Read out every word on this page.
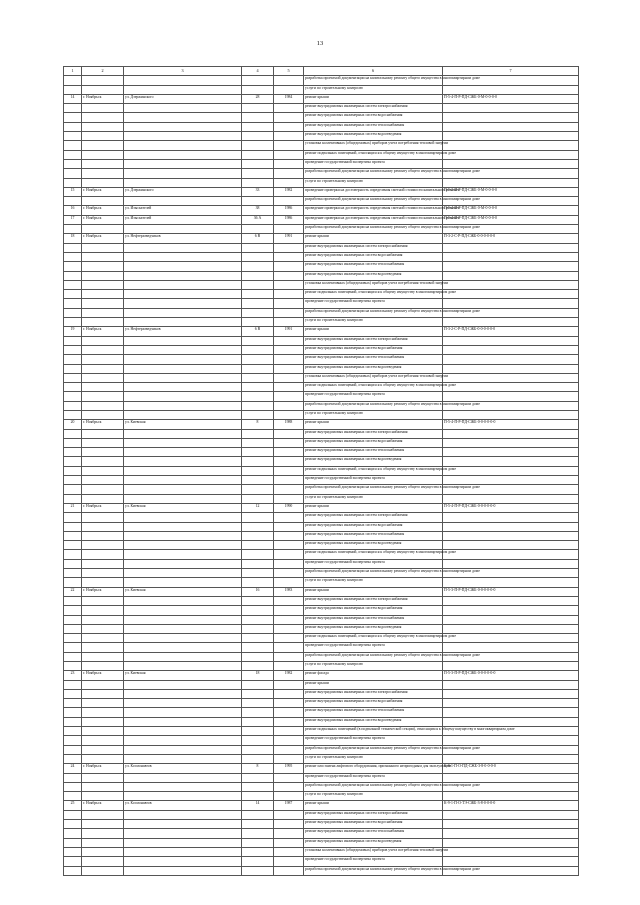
13
1	2	3	4	5	6	7
					разработка проектной документации на капитальному ремонту общего имущества в многоквартирном доме	
					услуги по строительному контролю	
14	г. Ноябрьск	ул. Дзержинского	28	1984	ремонт крыши	П-5-4-П-Р-ПД-СЖБ-0-М-0-0-0-0
					ремонт внутридомовых инженерных систем электроснабжения	
					ремонт внутридомовых инженерных систем водоснабжения	
					ремонт внутридомовых инженерных систем теплоснабжения	
					ремонт внутридомовых инженерных систем водоотведения	
					установка коллективных (общедомовых) приборов учета потребления тепловой энергии	
					ремонт подвальных помещений, относящихся к общему имуществу в многоквартирном доме	
					проведение государственной экспертизы проекта	
					разработка проектной документации на капитальному ремонту общего имущества в многоквартирном доме	
					услуги по строительному контролю	
15	г. Ноябрьск	ул. Дзержинского	33	1982	проведение проверки на достоверность определения сметной стоимости капитального ремонта	П-5-2-П-Р-ПД-СЖБ-0-М-0-0-0-0
					разработка проектной документации на капитальному ремонту общего имущества в многоквартирном доме	
16	г. Ноябрьск	ул. Изыскателей	38	1986	проведение проверки на достоверность определения сметной стоимости капитального ремонта	П-5-4-П-Р-ПД-СЖБ-0-М-0-0-0-0
17	г. Ноябрьск	ул. Изыскателей	36 А	1986	проведение проверки на достоверность определения сметной стоимости капитального ремонта	П-5-4-П-Р-ПД-СЖБ-0-М-0-0-0-0
					разработка проектной документации на капитальному ремонту общего имущества в многоквартирном доме	
18	г. Ноябрьск	ул. Нефтеразведчиков	6 В	1991	ремонт крыши	П-3-2-С-Р-ПД-СЖБ-0-0-0-0-0-0
					ремонт внутридомовых инженерных систем электроснабжения	
					ремонт внутридомовых инженерных систем водоснабжения	
					ремонт внутридомовых инженерных систем теплоснабжения	
					ремонт внутридомовых инженерных систем водоотведения	
					установка коллективных (общедомовых) приборов учета потребления тепловой энергии	
					ремонт подвальных помещений, относящихся к общему имуществу в многоквартирном доме	
					проведение государственной экспертизы проекта	
					разработка проектной документации на капитальному ремонту общего имущества в многоквартирном доме	
					услуги по строительному контролю	
19	г. Ноябрьск	ул. Нефтеразведчиков	6 В	1991	ремонт крыши	П-3-2-С-Р-ПД-СЖБ-0-0-0-0-0-0
					ремонт внутридомовых инженерных систем электроснабжения	
					ремонт внутридомовых инженерных систем водоснабжения	
					ремонт внутридомовых инженерных систем теплоснабжения	
					ремонт внутридомовых инженерных систем водоотведения	
					установка коллективных (общедомовых) приборов учета потребления тепловой энергии	
					ремонт подвальных помещений, относящихся к общему имуществу в многоквартирном доме	
					проведение государственной экспертизы проекта	
					разработка проектной документации на капитальному ремонту общего имущества в многоквартирном доме	
					услуги по строительному контролю	
20	г. Ноябрьск	ул. Киевская	8	1988	ремонт крыши	П-5-4-П-Р-ПД-СЖБ-0-0-0-0-0-0
					ремонт внутридомовых инженерных систем электроснабжения	
					ремонт внутридомовых инженерных систем водоснабжения	
					ремонт внутридомовых инженерных систем теплоснабжения	
					ремонт внутридомовых инженерных систем водоотведения	
					ремонт подвальных помещений, относящихся к общему имуществу в многоквартирном доме	
					проведение государственной экспертизы проекта	
					разработка проектной документации на капитальному ремонту общего имущества в многоквартирном доме	
					услуги по строительному контролю	
21	г. Ноябрьск	ул. Киевская	12	1990	ремонт крыши	П-5-4-П-Р-ПД-СЖБ-0-0-0-0-0-0
					ремонт внутридомовых инженерных систем электроснабжения	
					ремонт внутридомовых инженерных систем водоснабжения	
					ремонт внутридомовых инженерных систем теплоснабжения	
					ремонт внутридомовых инженерных систем водоотведения	
					ремонт подвальных помещений, относящихся к общему имуществу в многоквартирном доме	
					проведение государственной экспертизы проекта	
					разработка проектной документации на капитальному ремонту общего имущества в многоквартирном доме	
					услуги по строительному контролю	
22	г. Ноябрьск	ул. Киевская	16	1983	ремонт крыши	П-5-3-П-Р-ПД-СЖБ-0-0-0-0-0-0
					ремонт внутридомовых инженерных систем электроснабжения	
					ремонт внутридомовых инженерных систем водоснабжения	
					ремонт внутридомовых инженерных систем теплоснабжения	
					ремонт внутридомовых инженерных систем водоотведения	
					ремонт подвальных помещений, относящихся к общему имуществу в многоквартирном доме	
					проведение государственной экспертизы проекта	
					разработка проектной документации на капитальному ремонту общего имущества в многоквартирном доме	
					услуги по строительному контролю	
23	г. Ноябрьск	ул. Киевская	18	1982	ремонт фасада	П-5-3-П-Р-ПД-СЖБ-0-0-0-0-0-0
					ремонт крыши	
					ремонт внутридомовых инженерных систем электроснабжения	
					ремонт внутридомовых инженерных систем водоснабжения	
					ремонт внутридомовых инженерных систем теплоснабжения	
					ремонт внутридомовых инженерных систем водоотведения	
					ремонт подвальных помещений (в подвальной технической секции), относящихся к общему имуществу в многоквартирном доме	
					проведение государственной экспертизы проекта	
					разработка проектной документации на капитальному ремонту общего имущества в многоквартирном доме	
					услуги по строительному контролю	
24	г. Ноябрьск	ул. Космонавтов	8	1995	ремонт или замена лифтового оборудования, признанного непригодным для эксплуатации	К-9-1-П-О-ПД-СЖБ-3-8-0-0-0-0
					проведение государственной экспертизы проекта	
					разработка проектной документации на капитальному ремонту общего имущества в многоквартирном доме	
					услуги по строительному контролю	
25	г. Ноябрьск	ул. Космонавтов	14	1987	ремонт крыши	К-9-1-П-О-ТЭ-СЖБ-3-8-0-0-0-0
					ремонт внутридомовых инженерных систем электроснабжения	
					ремонт внутридомовых инженерных систем водоснабжения	
					ремонт внутридомовых инженерных систем теплоснабжения	
					ремонт внутридомовых инженерных систем водоотведения	
					установка коллективных (общедомовых) приборов учета потребления тепловой энергии	
					проведение государственной экспертизы проекта	
					разработка проектной документации на капитальному ремонту общего имущества в многоквартирном доме	
